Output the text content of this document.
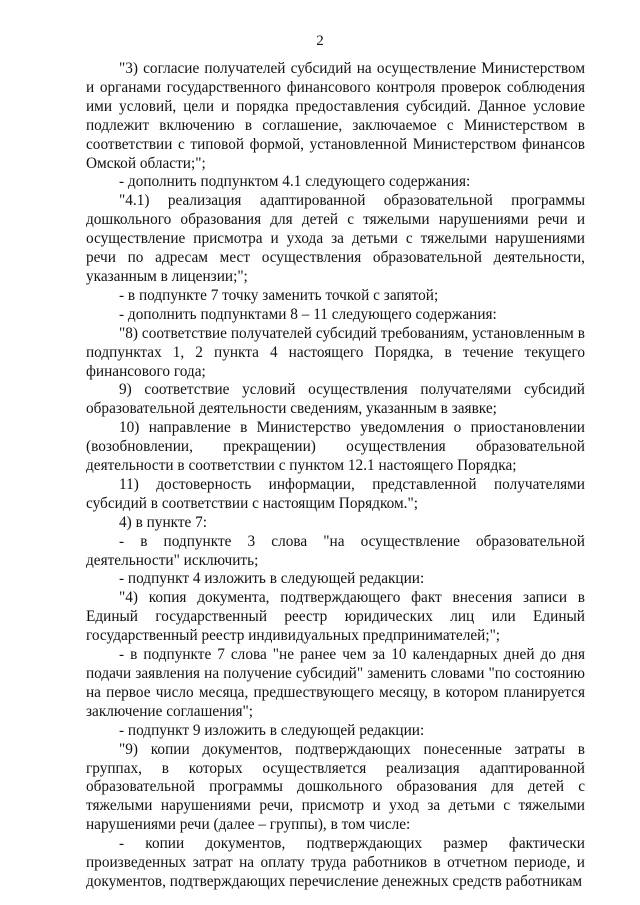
2

"3) согласие получателей субсидий на осуществление Министерством и органами государственного финансового контроля проверок соблюдения ими условий, цели и порядка предоставления субсидий. Данное условие подлежит включению в соглашение, заключаемое с Министерством в соответствии с типовой формой, установленной Министерством финансов Омской области;";

- дополнить подпунктом 4.1 следующего содержания:

"4.1) реализация адаптированной образовательной программы дошкольного образования для детей с тяжелыми нарушениями речи и осуществление присмотра и ухода за детьми с тяжелыми нарушениями речи по адресам мест осуществления образовательной деятельности, указанным в лицензии;";

- в подпункте 7 точку заменить точкой с запятой;

- дополнить подпунктами 8 – 11 следующего содержания:

"8) соответствие получателей субсидий требованиям, установленным в подпунктах 1, 2 пункта 4 настоящего Порядка, в течение текущего финансового года;

9) соответствие условий осуществления получателями субсидий образовательной деятельности сведениям, указанным в заявке;

10) направление в Министерство уведомления о приостановлении (возобновлении, прекращении) осуществления образовательной деятельности в соответствии с пунктом 12.1 настоящего Порядка;

11) достоверность информации, представленной получателями субсидий в соответствии с настоящим Порядком.";

4) в пункте 7:

- в подпункте 3 слова "на осуществление образовательной деятельности" исключить;

- подпункт 4 изложить в следующей редакции:

"4) копия документа, подтверждающего факт внесения записи в Единый государственный реестр юридических лиц или Единый государственный реестр индивидуальных предпринимателей;";

- в подпункте 7 слова "не ранее чем за 10 календарных дней до дня подачи заявления на получение субсидий" заменить словами "по состоянию на первое число месяца, предшествующего месяцу, в котором планируется заключение соглашения";

- подпункт 9 изложить в следующей редакции:

"9) копии документов, подтверждающих понесенные затраты в группах, в которых осуществляется реализация адаптированной образовательной программы дошкольного образования для детей с тяжелыми нарушениями речи, присмотр и уход за детьми с тяжелыми нарушениями речи (далее – группы), в том числе:

- копии документов, подтверждающих размер фактически произведенных затрат на оплату труда работников в отчетном периоде, и документов, подтверждающих перечисление денежных средств работникам
